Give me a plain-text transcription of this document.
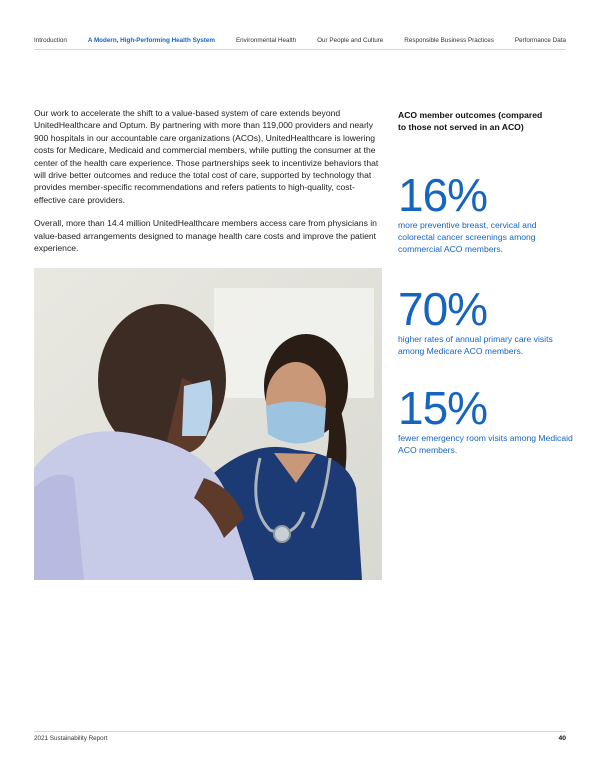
Introduction	A Modern, High-Performing Health System	Environmental Health	Our People and Culture	Responsible Business Practices	Performance Data

Our work to accelerate the shift to a value-based system of care extends beyond UnitedHealthcare and Optum. By partnering with more than 119,000 providers and nearly 900 hospitals in our accountable care organizations (ACOs), UnitedHealthcare is lowering costs for Medicare, Medicaid and commercial members, while putting the consumer at the center of the health care experience. Those partnerships seek to incentivize behaviors that will drive better outcomes and reduce the total cost of care, supported by technology that provides member-specific recommendations and refers patients to high-quality, cost-effective care providers.

Overall, more than 14.4 million UnitedHealthcare members access care from physicians in value-based arrangements designed to manage health care costs and improve the patient experience.

ACO member outcomes (compared to those not served in an ACO)
16%
more preventive breast, cervical and colorectal cancer screenings among commercial ACO members.
70%
higher rates of annual primary care visits among Medicare ACO members.
15%
fewer emergency room visits among Medicaid ACO members.
2021 Sustainability Report	40
